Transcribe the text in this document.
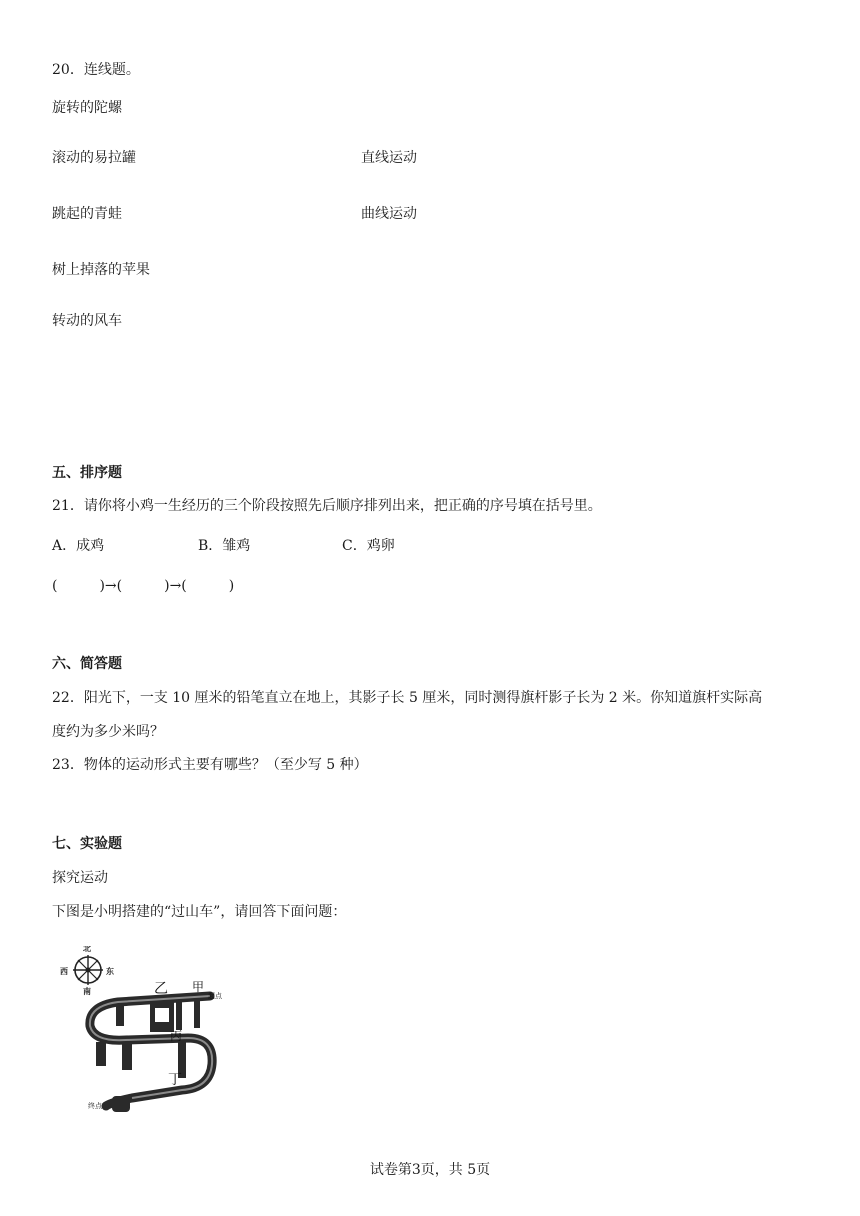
20．连线题。
旋转的陀螺
滚动的易拉罐
跳起的青蛙
树上掉落的苹果
转动的风车
直线运动
曲线运动
五、排序题
21．请你将小鸡一生经历的三个阶段按照先后顺序排列出来，把正确的序号填在括号里。
A．成鸡	B．雏鸡	C．鸡卵
(　　　)→(　　　)→(　　　)
六、简答题
22．阳光下，一支 10 厘米的铅笔直立在地上，其影子长 5 厘米，同时测得旗杆影子长为 2 米。你知道旗杆实际高
度约为多少米吗？
23．物体的运动形式主要有哪些？（至少写 5 种）
七、实验题
探究运动
下图是小明搭建的“过山车”，请回答下面问题：
北
东
西
南	乙 甲
起点
丙
丁
终点
试卷第3页，共 5页
